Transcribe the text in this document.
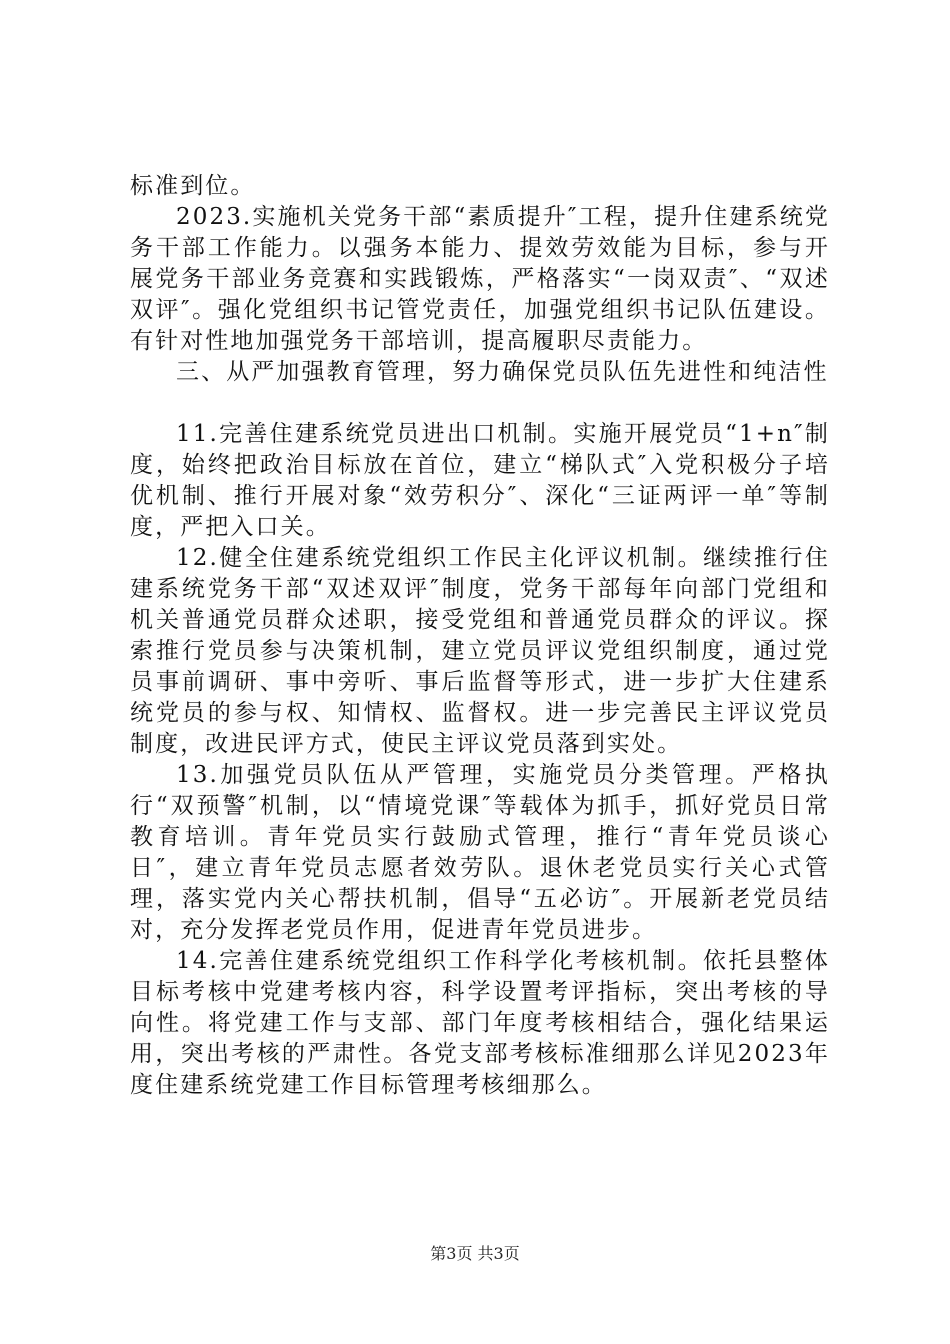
标准到位。

2023.实施机关党务干部“素质提升″工程，提升住建系统党务干部工作能力。以强务本能力、提效劳效能为目标，参与开展党务干部业务竞赛和实践锻炼，严格落实“一岗双责″、“双述双评″。强化党组织书记管党责任，加强党组织书记队伍建设。有针对性地加强党务干部培训，提高履职尽责能力。

三、从严加强教育管理，努力确保党员队伍先进性和纯洁性

11.完善住建系统党员进出口机制。实施开展党员“1+n″制度，始终把政治目标放在首位，建立“梯队式″入党积极分子培优机制、推行开展对象“效劳积分″、深化“三证两评一单″等制度，严把入口关。

12.健全住建系统党组织工作民主化评议机制。继续推行住建系统党务干部“双述双评″制度，党务干部每年向部门党组和机关普通党员群众述职，接受党组和普通党员群众的评议。探索推行党员参与决策机制，建立党员评议党组织制度，通过党员事前调研、事中旁听、事后监督等形式，进一步扩大住建系统党员的参与权、知情权、监督权。进一步完善民主评议党员制度，改进民评方式，使民主评议党员落到实处。

13.加强党员队伍从严管理，实施党员分类管理。严格执行“双预警″机制，以“情境党课″等载体为抓手，抓好党员日常教育培训。青年党员实行鼓励式管理，推行“青年党员谈心日″，建立青年党员志愿者效劳队。退休老党员实行关心式管理，落实党内关心帮扶机制，倡导“五必访″。开展新老党员结对，充分发挥老党员作用，促进青年党员进步。

14.完善住建系统党组织工作科学化考核机制。依托县整体目标考核中党建考核内容，科学设置考评指标，突出考核的导向性。将党建工作与支部、部门年度考核相结合，强化结果运用，突出考核的严肃性。各党支部考核标准细那么详见2023年度住建系统党建工作目标管理考核细那么。

第3页 共3页
